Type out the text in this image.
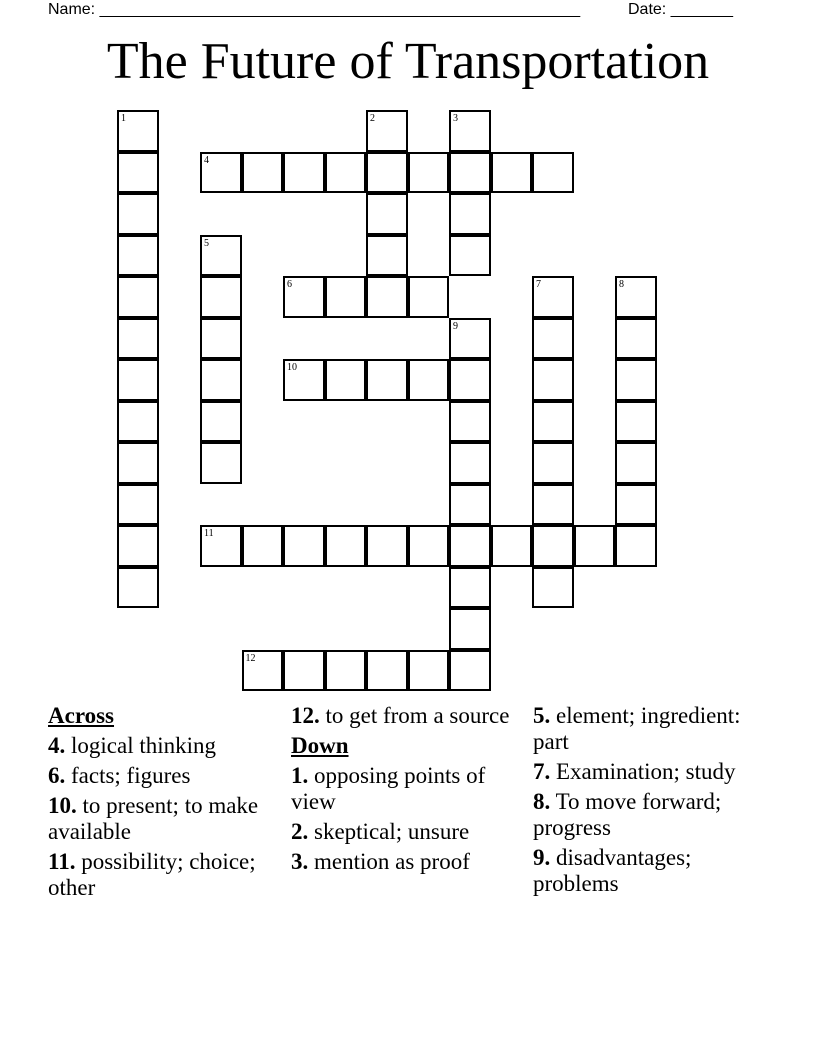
Name: ______________________________________________________	Date: _______
The Future of Transportation
1	2	3
4
5
6	7	8
9
10
11
12
Across
4. logical thinking
6. facts; figures
10. to present; to make available
11. possibility; choice; other
12. to get from a source
Down
1. opposing points of view
2. skeptical; unsure
3. mention as proof
5. element; ingredient: part
7. Examination; study
8. To move forward; progress
9. disadvantages; problems
